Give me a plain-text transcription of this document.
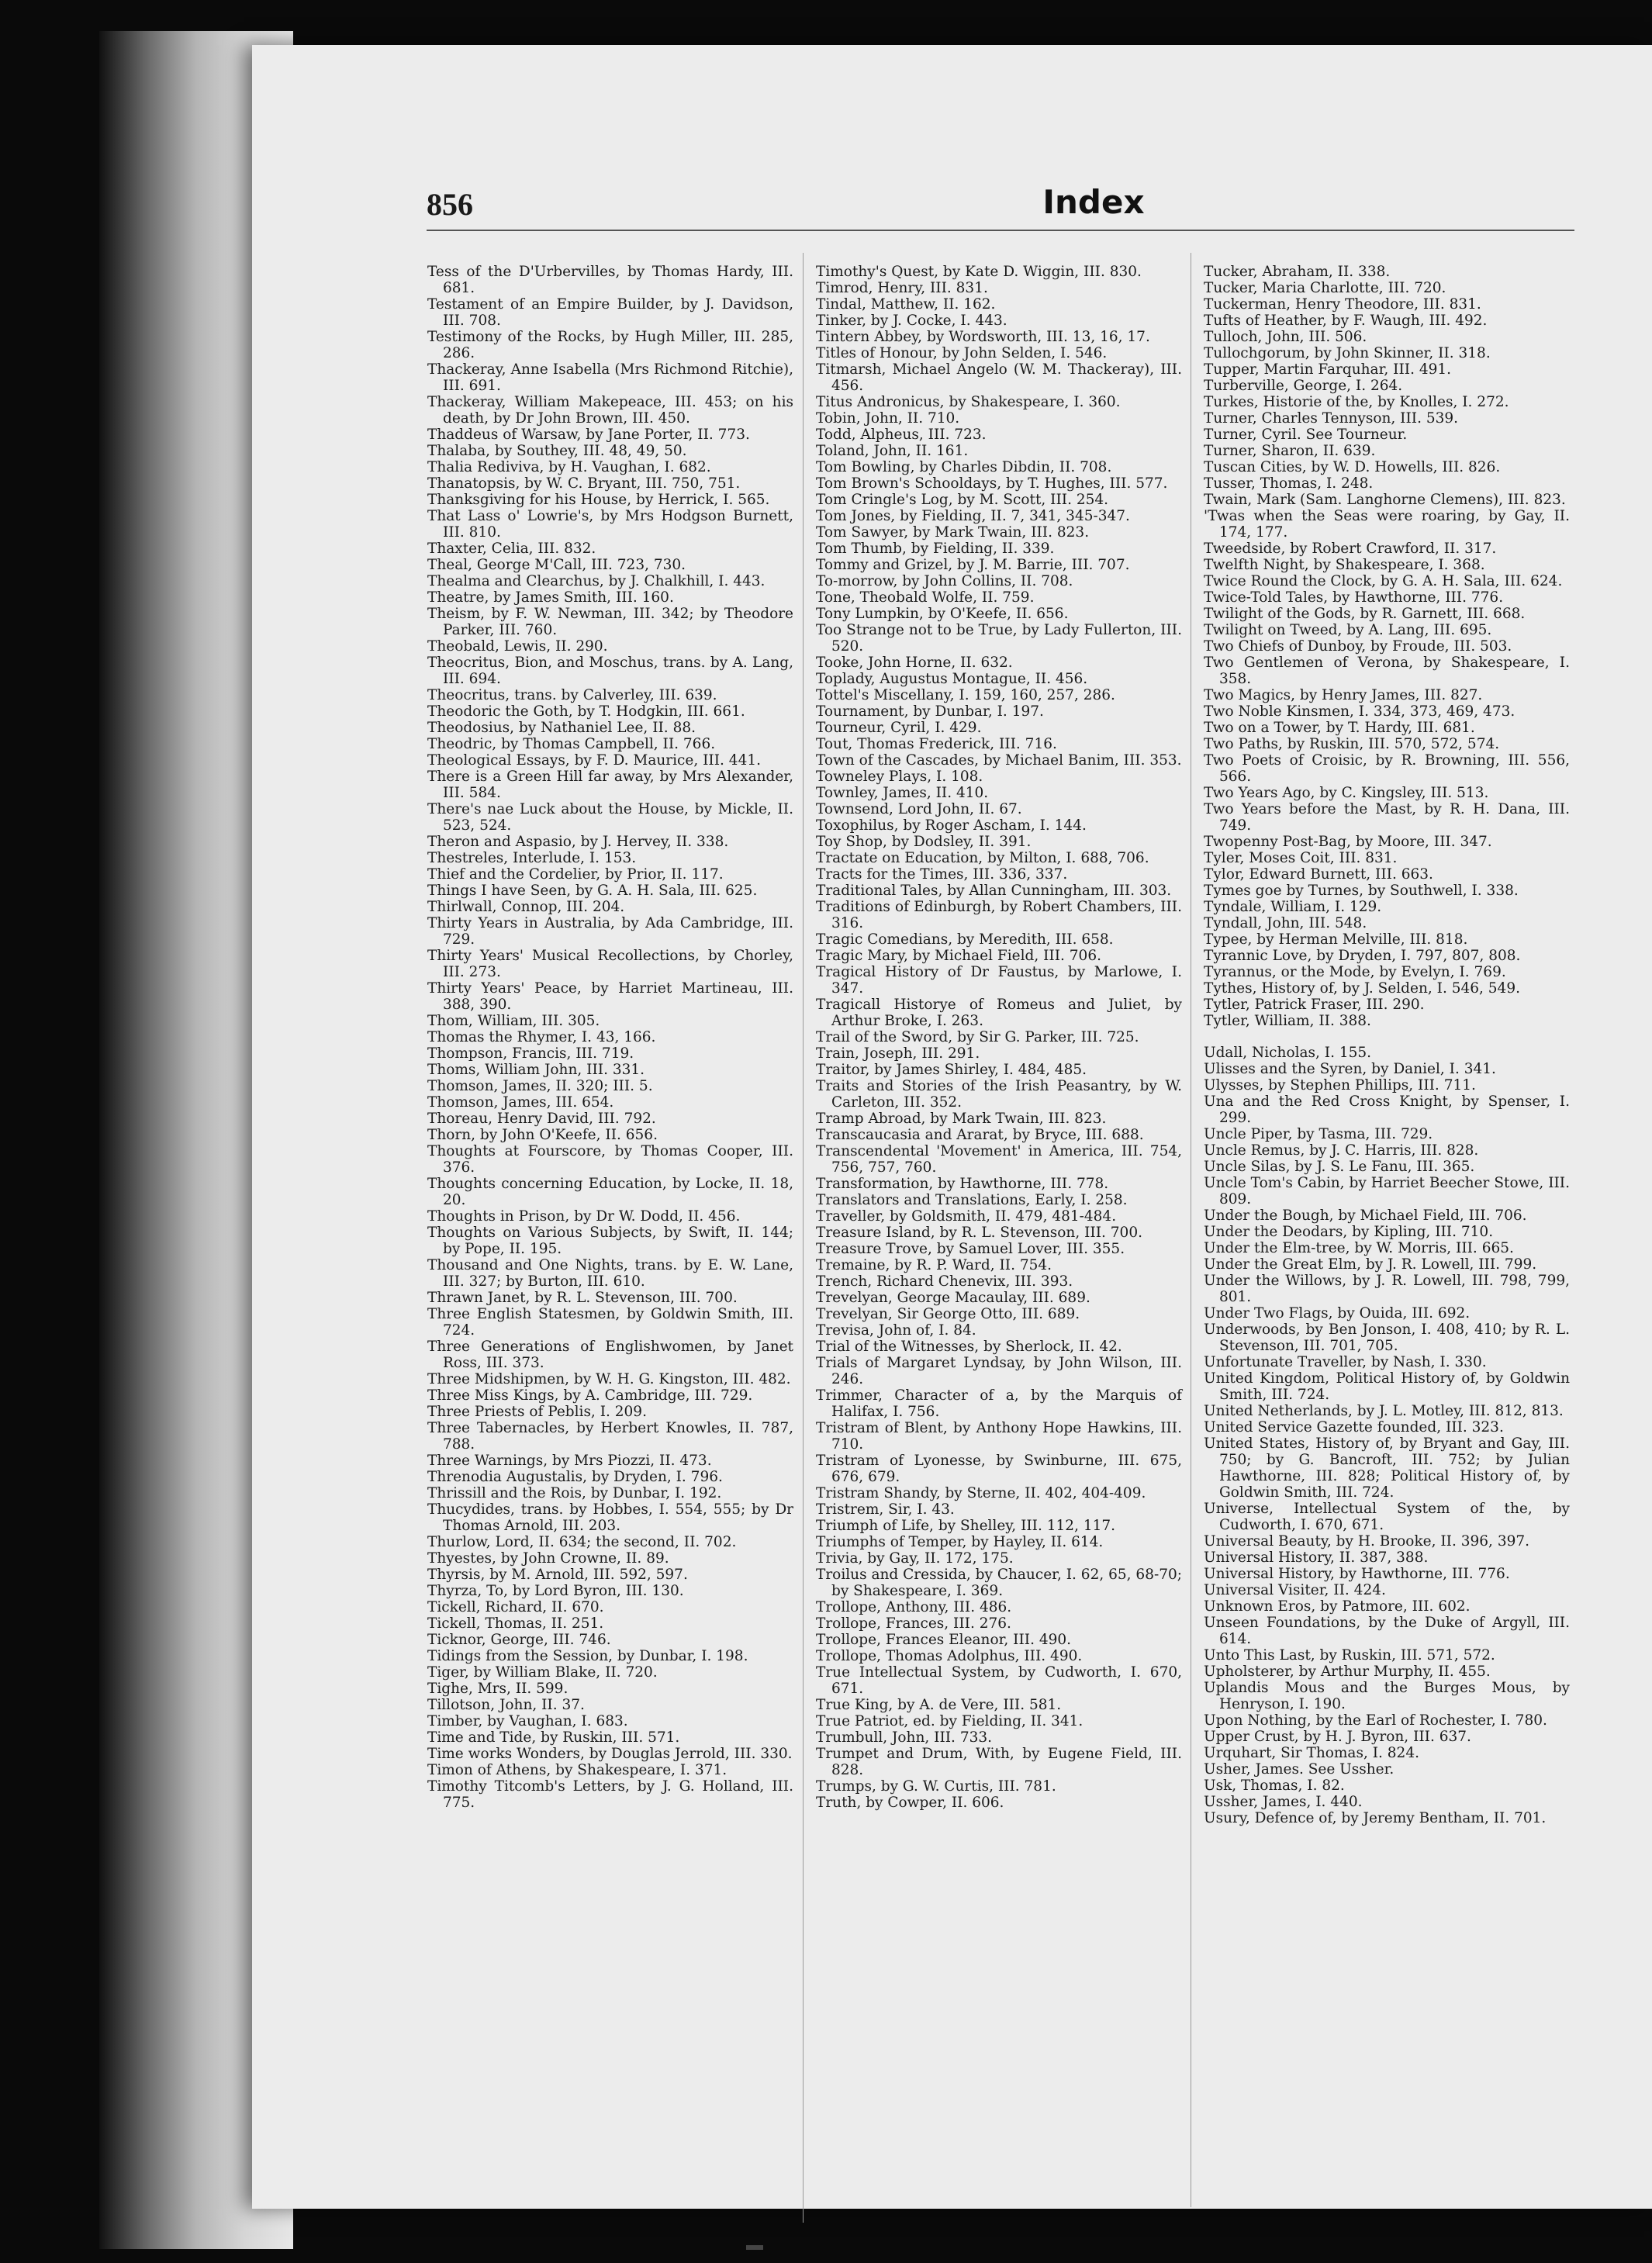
856	Index

Tess of the D'Urbervilles, by Thomas Hardy, III. 681.

Testament of an Empire Builder, by J. Davidson, III. 708.

Testimony of the Rocks, by Hugh Miller, III. 285, 286.

Thackeray, Anne Isabella (Mrs Richmond Ritchie), III. 691.

Thackeray, William Makepeace, III. 453; on his death, by Dr John Brown, III. 450.

Thaddeus of Warsaw, by Jane Porter, II. 773.

Thalaba, by Southey, III. 48, 49, 50.

Thalia Rediviva, by H. Vaughan, I. 682.

Thanatopsis, by W. C. Bryant, III. 750, 751.

Thanksgiving for his House, by Herrick, I. 565.

That Lass o' Lowrie's, by Mrs Hodgson Burnett, III. 810.

Thaxter, Celia, III. 832.

Theal, George M'Call, III. 723, 730.

Thealma and Clearchus, by J. Chalkhill, I. 443.

Theatre, by James Smith, III. 160.

Theism, by F. W. Newman, III. 342; by Theodore Parker, III. 760.

Theobald, Lewis, II. 290.

Theocritus, Bion, and Moschus, trans. by A. Lang, III. 694.

Theocritus, trans. by Calverley, III. 639.

Theodoric the Goth, by T. Hodgkin, III. 661.

Theodosius, by Nathaniel Lee, II. 88.

Theodric, by Thomas Campbell, II. 766.

Theological Essays, by F. D. Maurice, III. 441.

There is a Green Hill far away, by Mrs Alexander, III. 584.

There's nae Luck about the House, by Mickle, II. 523, 524.

Theron and Aspasio, by J. Hervey, II. 338.

Thestreles, Interlude, I. 153.

Thief and the Cordelier, by Prior, II. 117.

Things I have Seen, by G. A. H. Sala, III. 625.

Thirlwall, Connop, III. 204.

Thirty Years in Australia, by Ada Cambridge, III. 729.

Thirty Years' Musical Recollections, by Chorley, III. 273.

Thirty Years' Peace, by Harriet Martineau, III. 388, 390.

Thom, William, III. 305.

Thomas the Rhymer, I. 43, 166.

Thompson, Francis, III. 719.

Thoms, William John, III. 331.

Thomson, James, II. 320; III. 5.

Thomson, James, III. 654.

Thoreau, Henry David, III. 792.

Thorn, by John O'Keefe, II. 656.

Thoughts at Fourscore, by Thomas Cooper, III. 376.

Thoughts concerning Education, by Locke, II. 18, 20.

Thoughts in Prison, by Dr W. Dodd, II. 456.

Thoughts on Various Subjects, by Swift, II. 144; by Pope, II. 195.

Thousand and One Nights, trans. by E. W. Lane, III. 327; by Burton, III. 610.

Thrawn Janet, by R. L. Stevenson, III. 700.

Three English Statesmen, by Goldwin Smith, III. 724.

Three Generations of Englishwomen, by Janet Ross, III. 373.

Three Midshipmen, by W. H. G. Kingston, III. 482.

Three Miss Kings, by A. Cambridge, III. 729.

Three Priests of Peblis, I. 209.

Three Tabernacles, by Herbert Knowles, II. 787, 788.

Three Warnings, by Mrs Piozzi, II. 473.

Threnodia Augustalis, by Dryden, I. 796.

Thrissill and the Rois, by Dunbar, I. 192.

Thucydides, trans. by Hobbes, I. 554, 555; by Dr Thomas Arnold, III. 203.

Thurlow, Lord, II. 634; the second, II. 702.

Thyestes, by John Crowne, II. 89.

Thyrsis, by M. Arnold, III. 592, 597.

Thyrza, To, by Lord Byron, III. 130.

Tickell, Richard, II. 670.

Tickell, Thomas, II. 251.

Ticknor, George, III. 746.

Tidings from the Session, by Dunbar, I. 198.

Tiger, by William Blake, II. 720.

Tighe, Mrs, II. 599.

Tillotson, John, II. 37.

Timber, by Vaughan, I. 683.

Time and Tide, by Ruskin, III. 571.

Time works Wonders, by Douglas Jerrold, III. 330.

Timon of Athens, by Shakespeare, I. 371.

Timothy Titcomb's Letters, by J. G. Holland, III. 775.

Timothy's Quest, by Kate D. Wiggin, III. 830.

Timrod, Henry, III. 831.

Tindal, Matthew, II. 162.

Tinker, by J. Cocke, I. 443.

Tintern Abbey, by Wordsworth, III. 13, 16, 17.

Titles of Honour, by John Selden, I. 546.

Titmarsh, Michael Angelo (W. M. Thackeray), III. 456.

Titus Andronicus, by Shakespeare, I. 360.

Tobin, John, II. 710.

Todd, Alpheus, III. 723.

Toland, John, II. 161.

Tom Bowling, by Charles Dibdin, II. 708.

Tom Brown's Schooldays, by T. Hughes, III. 577.

Tom Cringle's Log, by M. Scott, III. 254.

Tom Jones, by Fielding, II. 7, 341, 345-347.

Tom Sawyer, by Mark Twain, III. 823.

Tom Thumb, by Fielding, II. 339.

Tommy and Grizel, by J. M. Barrie, III. 707.

To-morrow, by John Collins, II. 708.

Tone, Theobald Wolfe, II. 759.

Tony Lumpkin, by O'Keefe, II. 656.

Too Strange not to be True, by Lady Fullerton, III. 520.

Tooke, John Horne, II. 632.

Toplady, Augustus Montague, II. 456.

Tottel's Miscellany, I. 159, 160, 257, 286.

Tournament, by Dunbar, I. 197.

Tourneur, Cyril, I. 429.

Tout, Thomas Frederick, III. 716.

Town of the Cascades, by Michael Banim, III. 353.

Towneley Plays, I. 108.

Townley, James, II. 410.

Townsend, Lord John, II. 67.

Toxophilus, by Roger Ascham, I. 144.

Toy Shop, by Dodsley, II. 391.

Tractate on Education, by Milton, I. 688, 706.

Tracts for the Times, III. 336, 337.

Traditional Tales, by Allan Cunningham, III. 303.

Traditions of Edinburgh, by Robert Chambers, III. 316.

Tragic Comedians, by Meredith, III. 658.

Tragic Mary, by Michael Field, III. 706.

Tragical History of Dr Faustus, by Marlowe, I. 347.

Tragicall Historye of Romeus and Juliet, by Arthur Broke, I. 263.

Trail of the Sword, by Sir G. Parker, III. 725.

Train, Joseph, III. 291.

Traitor, by James Shirley, I. 484, 485.

Traits and Stories of the Irish Peasantry, by W. Carleton, III. 352.

Tramp Abroad, by Mark Twain, III. 823.

Transcaucasia and Ararat, by Bryce, III. 688.

Transcendental 'Movement' in America, III. 754, 756, 757, 760.

Transformation, by Hawthorne, III. 778.

Translators and Translations, Early, I. 258.

Traveller, by Goldsmith, II. 479, 481-484.

Treasure Island, by R. L. Stevenson, III. 700.

Treasure Trove, by Samuel Lover, III. 355.

Tremaine, by R. P. Ward, II. 754.

Trench, Richard Chenevix, III. 393.

Trevelyan, George Macaulay, III. 689.

Trevelyan, Sir George Otto, III. 689.

Trevisa, John of, I. 84.

Trial of the Witnesses, by Sherlock, II. 42.

Trials of Margaret Lyndsay, by John Wilson, III. 246.

Trimmer, Character of a, by the Marquis of Halifax, I. 756.

Tristram of Blent, by Anthony Hope Hawkins, III. 710.

Tristram of Lyonesse, by Swinburne, III. 675, 676, 679.

Tristram Shandy, by Sterne, II. 402, 404-409.

Tristrem, Sir, I. 43.

Triumph of Life, by Shelley, III. 112, 117.

Triumphs of Temper, by Hayley, II. 614.

Trivia, by Gay, II. 172, 175.

Troilus and Cressida, by Chaucer, I. 62, 65, 68-70; by Shakespeare, I. 369.

Trollope, Anthony, III. 486.

Trollope, Frances, III. 276.

Trollope, Frances Eleanor, III. 490.

Trollope, Thomas Adolphus, III. 490.

True Intellectual System, by Cudworth, I. 670, 671.

True King, by A. de Vere, III. 581.

True Patriot, ed. by Fielding, II. 341.

Trumbull, John, III. 733.

Trumpet and Drum, With, by Eugene Field, III. 828.

Trumps, by G. W. Curtis, III. 781.

Truth, by Cowper, II. 606.

Tucker, Abraham, II. 338.

Tucker, Maria Charlotte, III. 720.

Tuckerman, Henry Theodore, III. 831.

Tufts of Heather, by F. Waugh, III. 492.

Tulloch, John, III. 506.

Tullochgorum, by John Skinner, II. 318.

Tupper, Martin Farquhar, III. 491.

Turberville, George, I. 264.

Turkes, Historie of the, by Knolles, I. 272.

Turner, Charles Tennyson, III. 539.

Turner, Cyril. See Tourneur.

Turner, Sharon, II. 639.

Tuscan Cities, by W. D. Howells, III. 826.

Tusser, Thomas, I. 248.

Twain, Mark (Sam. Langhorne Clemens), III. 823.

'Twas when the Seas were roaring, by Gay, II. 174, 177.

Tweedside, by Robert Crawford, II. 317.

Twelfth Night, by Shakespeare, I. 368.

Twice Round the Clock, by G. A. H. Sala, III. 624.

Twice-Told Tales, by Hawthorne, III. 776.

Twilight of the Gods, by R. Garnett, III. 668.

Twilight on Tweed, by A. Lang, III. 695.

Two Chiefs of Dunboy, by Froude, III. 503.

Two Gentlemen of Verona, by Shakespeare, I. 358.

Two Magics, by Henry James, III. 827.

Two Noble Kinsmen, I. 334, 373, 469, 473.

Two on a Tower, by T. Hardy, III. 681.

Two Paths, by Ruskin, III. 570, 572, 574.

Two Poets of Croisic, by R. Browning, III. 556, 566.

Two Years Ago, by C. Kingsley, III. 513.

Two Years before the Mast, by R. H. Dana, III. 749.

Twopenny Post-Bag, by Moore, III. 347.

Tyler, Moses Coit, III. 831.

Tylor, Edward Burnett, III. 663.

Tymes goe by Turnes, by Southwell, I. 338.

Tyndale, William, I. 129.

Tyndall, John, III. 548.

Typee, by Herman Melville, III. 818.

Tyrannic Love, by Dryden, I. 797, 807, 808.

Tyrannus, or the Mode, by Evelyn, I. 769.

Tythes, History of, by J. Selden, I. 546, 549.

Tytler, Patrick Fraser, III. 290.

Tytler, William, II. 388.

Udall, Nicholas, I. 155.

Ulisses and the Syren, by Daniel, I. 341.

Ulysses, by Stephen Phillips, III. 711.

Una and the Red Cross Knight, by Spenser, I. 299.

Uncle Piper, by Tasma, III. 729.

Uncle Remus, by J. C. Harris, III. 828.

Uncle Silas, by J. S. Le Fanu, III. 365.

Uncle Tom's Cabin, by Harriet Beecher Stowe, III. 809.

Under the Bough, by Michael Field, III. 706.

Under the Deodars, by Kipling, III. 710.

Under the Elm-tree, by W. Morris, III. 665.

Under the Great Elm, by J. R. Lowell, III. 799.

Under the Willows, by J. R. Lowell, III. 798, 799, 801.

Under Two Flags, by Ouida, III. 692.

Underwoods, by Ben Jonson, I. 408, 410; by R. L. Stevenson, III. 701, 705.

Unfortunate Traveller, by Nash, I. 330.

United Kingdom, Political History of, by Goldwin Smith, III. 724.

United Netherlands, by J. L. Motley, III. 812, 813.

United Service Gazette founded, III. 323.

United States, History of, by Bryant and Gay, III. 750; by G. Bancroft, III. 752; by Julian Hawthorne, III. 828; Political History of, by Goldwin Smith, III. 724.

Universe, Intellectual System of the, by Cudworth, I. 670, 671.

Universal Beauty, by H. Brooke, II. 396, 397.

Universal History, II. 387, 388.

Universal History, by Hawthorne, III. 776.

Universal Visiter, II. 424.

Unknown Eros, by Patmore, III. 602.

Unseen Foundations, by the Duke of Argyll, III. 614.

Unto This Last, by Ruskin, III. 571, 572.

Upholsterer, by Arthur Murphy, II. 455.

Uplandis Mous and the Burges Mous, by Henryson, I. 190.

Upon Nothing, by the Earl of Rochester, I. 780.

Upper Crust, by H. J. Byron, III. 637.

Urquhart, Sir Thomas, I. 824.

Usher, James. See Ussher.

Usk, Thomas, I. 82.

Ussher, James, I. 440.

Usury, Defence of, by Jeremy Bentham, II. 701.
